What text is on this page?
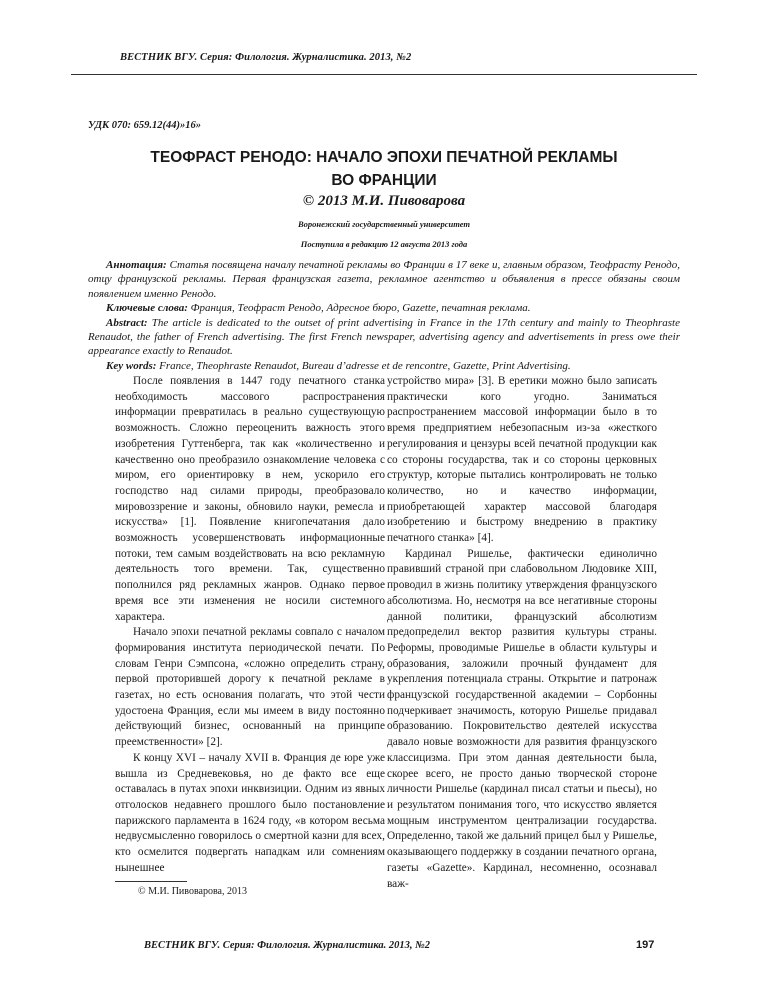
ВЕСТНИК ВГУ. Серия: Филология. Журналистика. 2013, №2
УДК 070: 659.12(44)»16»
ТЕОФРАСТ РЕНОДО: НАЧАЛО ЭПОХИ ПЕЧАТНОЙ РЕКЛАМЫ
ВО ФРАНЦИИ
© 2013 М.И. Пивоварова
Воронежский государственный университет
Поступила в редакцию 12 августа 2013 года

Аннотация: Статья посвящена началу печатной рекламы во Франции в 17 веке и, главным образом, Теофрасту Ренодо, отцу французской рекламы. Первая французская газета, рекламное агентство и объявления в прессе обязаны своим появлением именно Ренодо.

Ключевые слова: Франция, Теофраст Ренодо, Адресное бюро, Gazette, печатная реклама.

Abstract: The article is dedicated to the outset of print advertising in France in the 17th century and mainly to Theophraste Renaudot, the father of French advertising. The first French newspaper, advertising agency and advertisements in press owe their appearance exactly to Renaudot.

Key words: France, Theophraste Renaudot, Bureau d’adresse et de rencontre, Gazette, Print Advertising.

После появления в 1447 году печатного станка необходимость массового распространения информации превратилась в реально существующую возможность. Сложно переоценить важность этого изобретения Гуттенберга, так как «количественно и качественно оно преобразило ознакомление человека с миром, его ориентировку в нем, ускорило его господство над силами природы, преобразовало мировоззрение и законы, обновило науки, ремесла и искусства» [1]. Появление книгопечатания дало возможность усовершенствовать информационные потоки, тем самым воздействовать на всю рекламную деятельность того времени. Так, существенно пополнился ряд рекламных жанров. Однако первое время все эти изменения не носили системного характера.

Начало эпохи печатной рекламы совпало с началом формирования института периодической печати. По словам Генри Сэмпсона, «сложно определить страну, первой проторившей дорогу к печатной рекламе в газетах, но есть основания полагать, что этой чести удостоена Франция, если мы имеем в виду постоянно действующий бизнес, основанный на принципе преемственности» [2].

К концу XVI – началу XVII в. Франция де юре уже вышла из Средневековья, но де факто все еще оставалась в путах эпохи инквизиции. Одним из явных отголосков недавнего прошлого было постановление парижского парламента в 1624 году, «в котором весьма недвусмысленно говорилось о смертной казни для всех, кто осмелится подвергать нападкам или сомнениям нынешнее

устройство мира» [3]. В еретики можно было записать практически кого угодно. Заниматься распространением массовой информации было в то время предприятием небезопасным из-за «жесткого регулирования и цензуры всей печатной продукции как со стороны государства, так и со стороны церковных структур, которые пытались контролировать не только количество, но и качество информации, приобретающей характер массовой благодаря изобретению и быстрому внедрению в практику печатного станка» [4].

Кардинал Ришелье, фактически единолично правивший страной при слабовольном Людовике XIII, проводил в жизнь политику утверждения французского абсолютизма. Но, несмотря на все негативные стороны данной политики, французский абсолютизм предопределил вектор развития культуры страны. Реформы, проводимые Ришелье в области культуры и образования, заложили прочный фундамент для укрепления потенциала страны. Открытие и патронаж французской государственной академии – Сорбонны подчеркивает значимость, которую Ришелье придавал образованию. Покровительство деятелей искусства давало новые возможности для развития французского классицизма. При этом данная деятельности была, скорее всего, не просто данью творческой стороне личности Ришелье (кардинал писал статьи и пьесы), но и результатом понимания того, что искусство является мощным инструментом централизации государства. Определенно, такой же дальний прицел был у Ришелье, оказывающего поддержку в создании печатного органа, газеты «Gazette». Кардинал, несомненно, осознавал важ-

© М.И. Пивоварова, 2013
ВЕСТНИК ВГУ. Серия: Филология. Журналистика. 2013, №2	197
